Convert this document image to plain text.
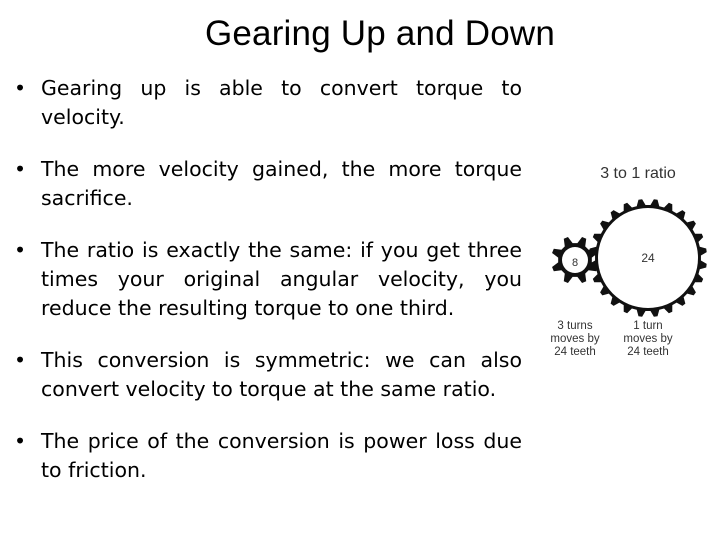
Gearing Up and Down
• Gearing up is able to convert torque to velocity.
• The more velocity gained, the more torque sacrifice.
• The ratio is exactly the same: if you get three times your original angular velocity, you reduce the resulting torque to one third.
• This conversion is symmetric: we can also convert velocity to torque at the same ratio.
• The price of the conversion is power loss due to friction.
3 to 1 ratio
24
8
3 turns
moves by
24 teeth
1 turn
moves by
24 teeth
